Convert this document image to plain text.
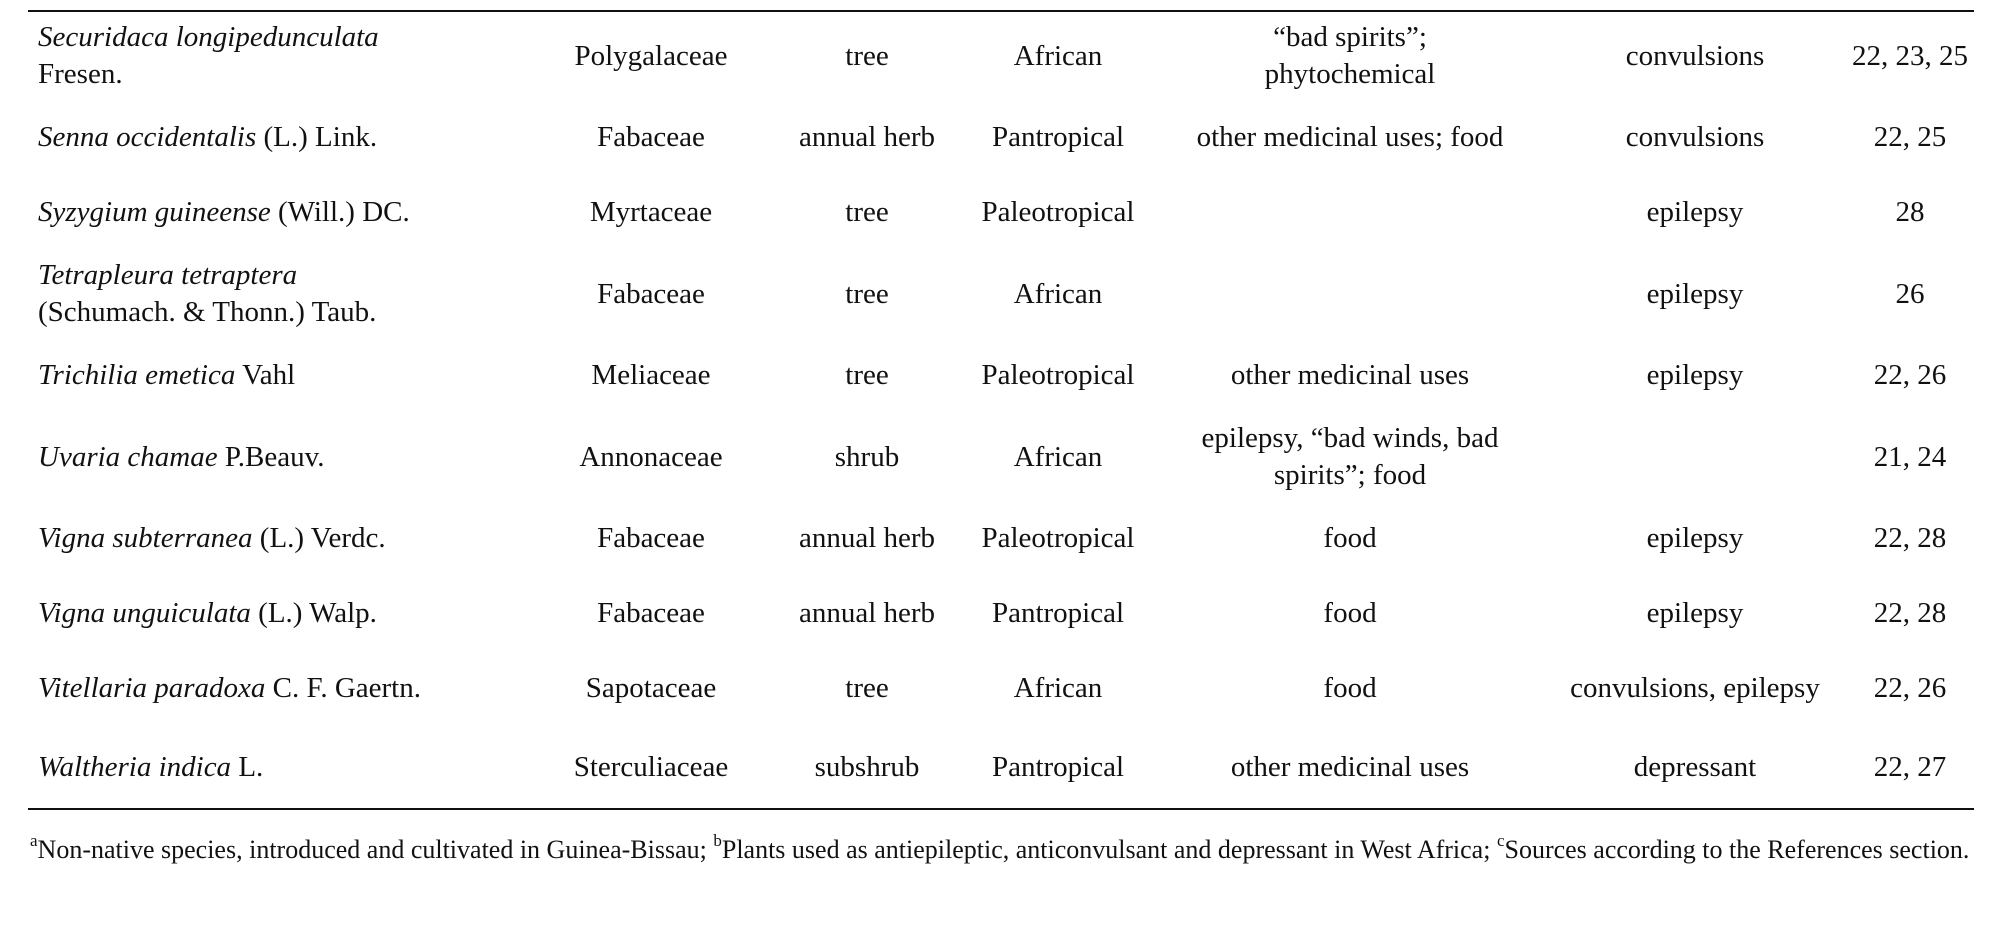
Securidaca longipedunculata
Fresen.	Polygalaceae	tree	African	“bad spirits”; phytochemical	convulsions	22, 23, 25
Senna occidentalis (L.) Link.	Fabaceae	annual herb	Pantropical	other medicinal uses; food	convulsions	22, 25
Syzygium guineense (Will.) DC.	Myrtaceae	tree	Paleotropical		epilepsy	28
Tetrapleura tetraptera
(Schumach. & Thonn.) Taub.	Fabaceae	tree	African		epilepsy	26
Trichilia emetica Vahl	Meliaceae	tree	Paleotropical	other medicinal uses	epilepsy	22, 26
Uvaria chamae P.Beauv.	Annonaceae	shrub	African	epilepsy, “bad winds, bad spirits”; food		21, 24
Vigna subterranea (L.) Verdc.	Fabaceae	annual herb	Paleotropical	food	epilepsy	22, 28
Vigna unguiculata (L.) Walp.	Fabaceae	annual herb	Pantropical	food	epilepsy	22, 28
Vitellaria paradoxa C. F. Gaertn.	Sapotaceae	tree	African	food	convulsions, epilepsy	22, 26
Waltheria indica L.	Sterculiaceae	subshrub	Pantropical	other medicinal uses	depressant	22, 27
$^a$Non-native species, introduced and cultivated in Guinea-Bissau; $^b$Plants used as antiepileptic, anticonvulsant and depressant in West Africa; $^c$Sources according to the References section.
